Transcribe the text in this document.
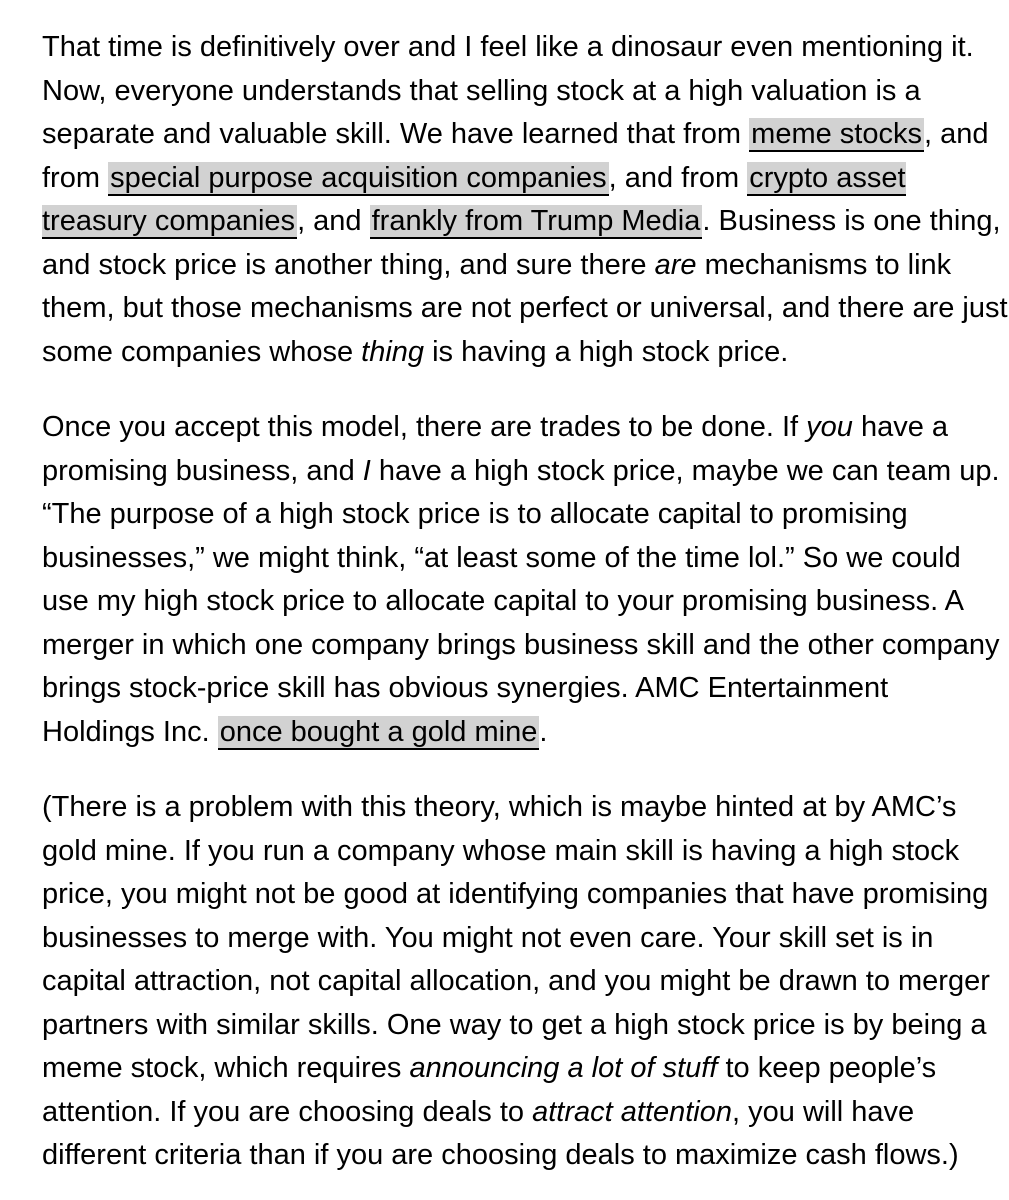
That time is definitively over and I feel like a dinosaur even mentioning it. Now, everyone understands that selling stock at a high valuation is a separate and valuable skill. We have learned that from meme stocks, and from special purpose acquisition companies, and from crypto asset treasury companies, and frankly from Trump Media. Business is one thing, and stock price is another thing, and sure there are mechanisms to link them, but those mechanisms are not perfect or universal, and there are just some companies whose thing is having a high stock price.

Once you accept this model, there are trades to be done. If you have a promising business, and I have a high stock price, maybe we can team up. “The purpose of a high stock price is to allocate capital to promising businesses,” we might think, “at least some of the time lol.” So we could use my high stock price to allocate capital to your promising business. A merger in which one company brings business skill and the other company brings stock-price skill has obvious synergies. AMC Entertainment Holdings Inc. once bought a gold mine.

(There is a problem with this theory, which is maybe hinted at by AMC’s gold mine. If you run a company whose main skill is having a high stock price, you might not be good at identifying companies that have promising businesses to merge with. You might not even care. Your skill set is in capital attraction, not capital allocation, and you might be drawn to merger partners with similar skills. One way to get a high stock price is by being a meme stock, which requires announcing a lot of stuff to keep people’s attention. If you are choosing deals to attract attention, you will have different criteria than if you are choosing deals to maximize cash flows.)
